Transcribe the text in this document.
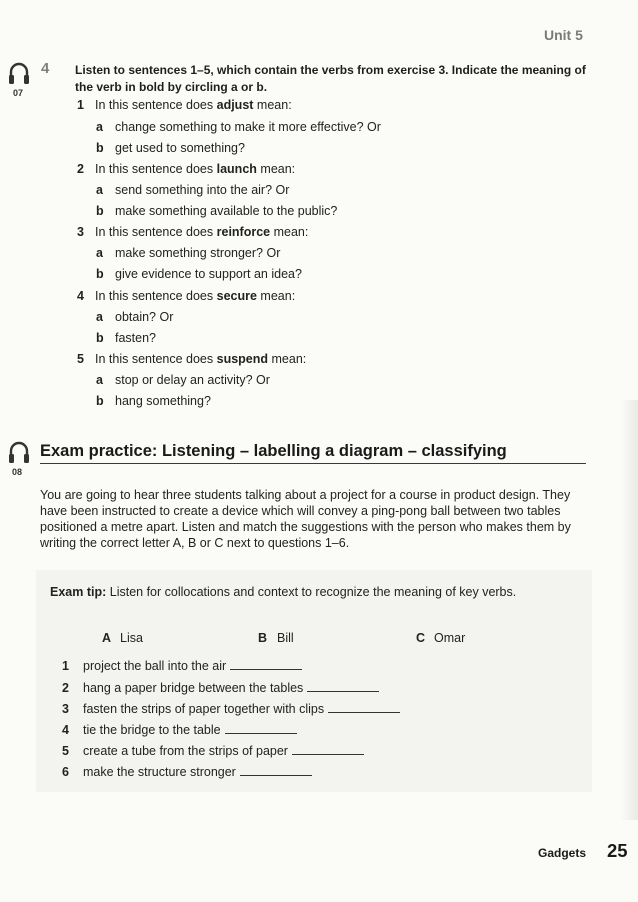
Unit 5
07
4 Listen to sentences 1–5, which contain the verbs from exercise 3. Indicate the meaning of the verb in bold by circling a or b.
1 In this sentence does adjust mean:
a change something to make it more effective? Or
b get used to something?
2 In this sentence does launch mean:
a send something into the air? Or
b make something available to the public?
3 In this sentence does reinforce mean:
a make something stronger? Or
b give evidence to support an idea?
4 In this sentence does secure mean:
a obtain? Or
b fasten?
5 In this sentence does suspend mean:
a stop or delay an activity? Or
b hang something?
08
Exam practice: Listening – labelling a diagram – classifying
You are going to hear three students talking about a project for a course in product design. They have been instructed to create a device which will convey a ping-pong ball between two tables positioned a metre apart. Listen and match the suggestions with the person who makes them by writing the correct letter A, B or C next to questions 1–6.
Exam tip: Listen for collocations and context to recognize the meaning of key verbs.
A Lisa	B Bill	C Omar
1 project the ball into the air
2 hang a paper bridge between the tables
3 fasten the strips of paper together with clips
4 tie the bridge to the table
5 create a tube from the strips of paper
6 make the structure stronger
Gadgets 25
